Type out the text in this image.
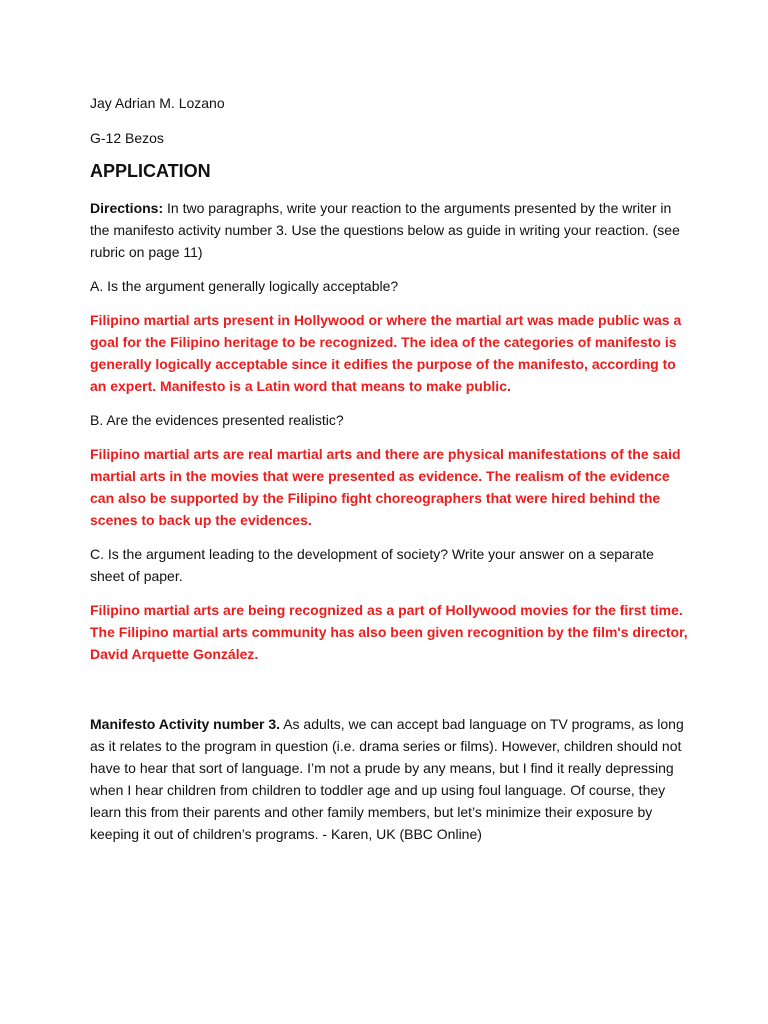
Jay Adrian M. Lozano

G-12 Bezos

APPLICATION

Directions: In two paragraphs, write your reaction to the arguments presented by the writer in the manifesto activity number 3. Use the questions below as guide in writing your reaction. (see rubric on page 11)

A. Is the argument generally logically acceptable?

Filipino martial arts present in Hollywood or where the martial art was made public was a goal for the Filipino heritage to be recognized. The idea of the categories of manifesto is generally logically acceptable since it edifies the purpose of the manifesto, according to an expert. Manifesto is a Latin word that means to make public.

B. Are the evidences presented realistic?

Filipino martial arts are real martial arts and there are physical manifestations of the said martial arts in the movies that were presented as evidence. The realism of the evidence can also be supported by the Filipino fight choreographers that were hired behind the scenes to back up the evidences.

C. Is the argument leading to the development of society? Write your answer on a separate sheet of paper.

Filipino martial arts are being recognized as a part of Hollywood movies for the first time. The Filipino martial arts community has also been given recognition by the film's director, David Arquette González.

Manifesto Activity number 3. As adults, we can accept bad language on TV programs, as long as it relates to the program in question (i.e. drama series or films). However, children should not have to hear that sort of language. I’m not a prude by any means, but I find it really depressing when I hear children from children to toddler age and up using foul language. Of course, they learn this from their parents and other family members, but let’s minimize their exposure by keeping it out of children’s programs. - Karen, UK (BBC Online)
